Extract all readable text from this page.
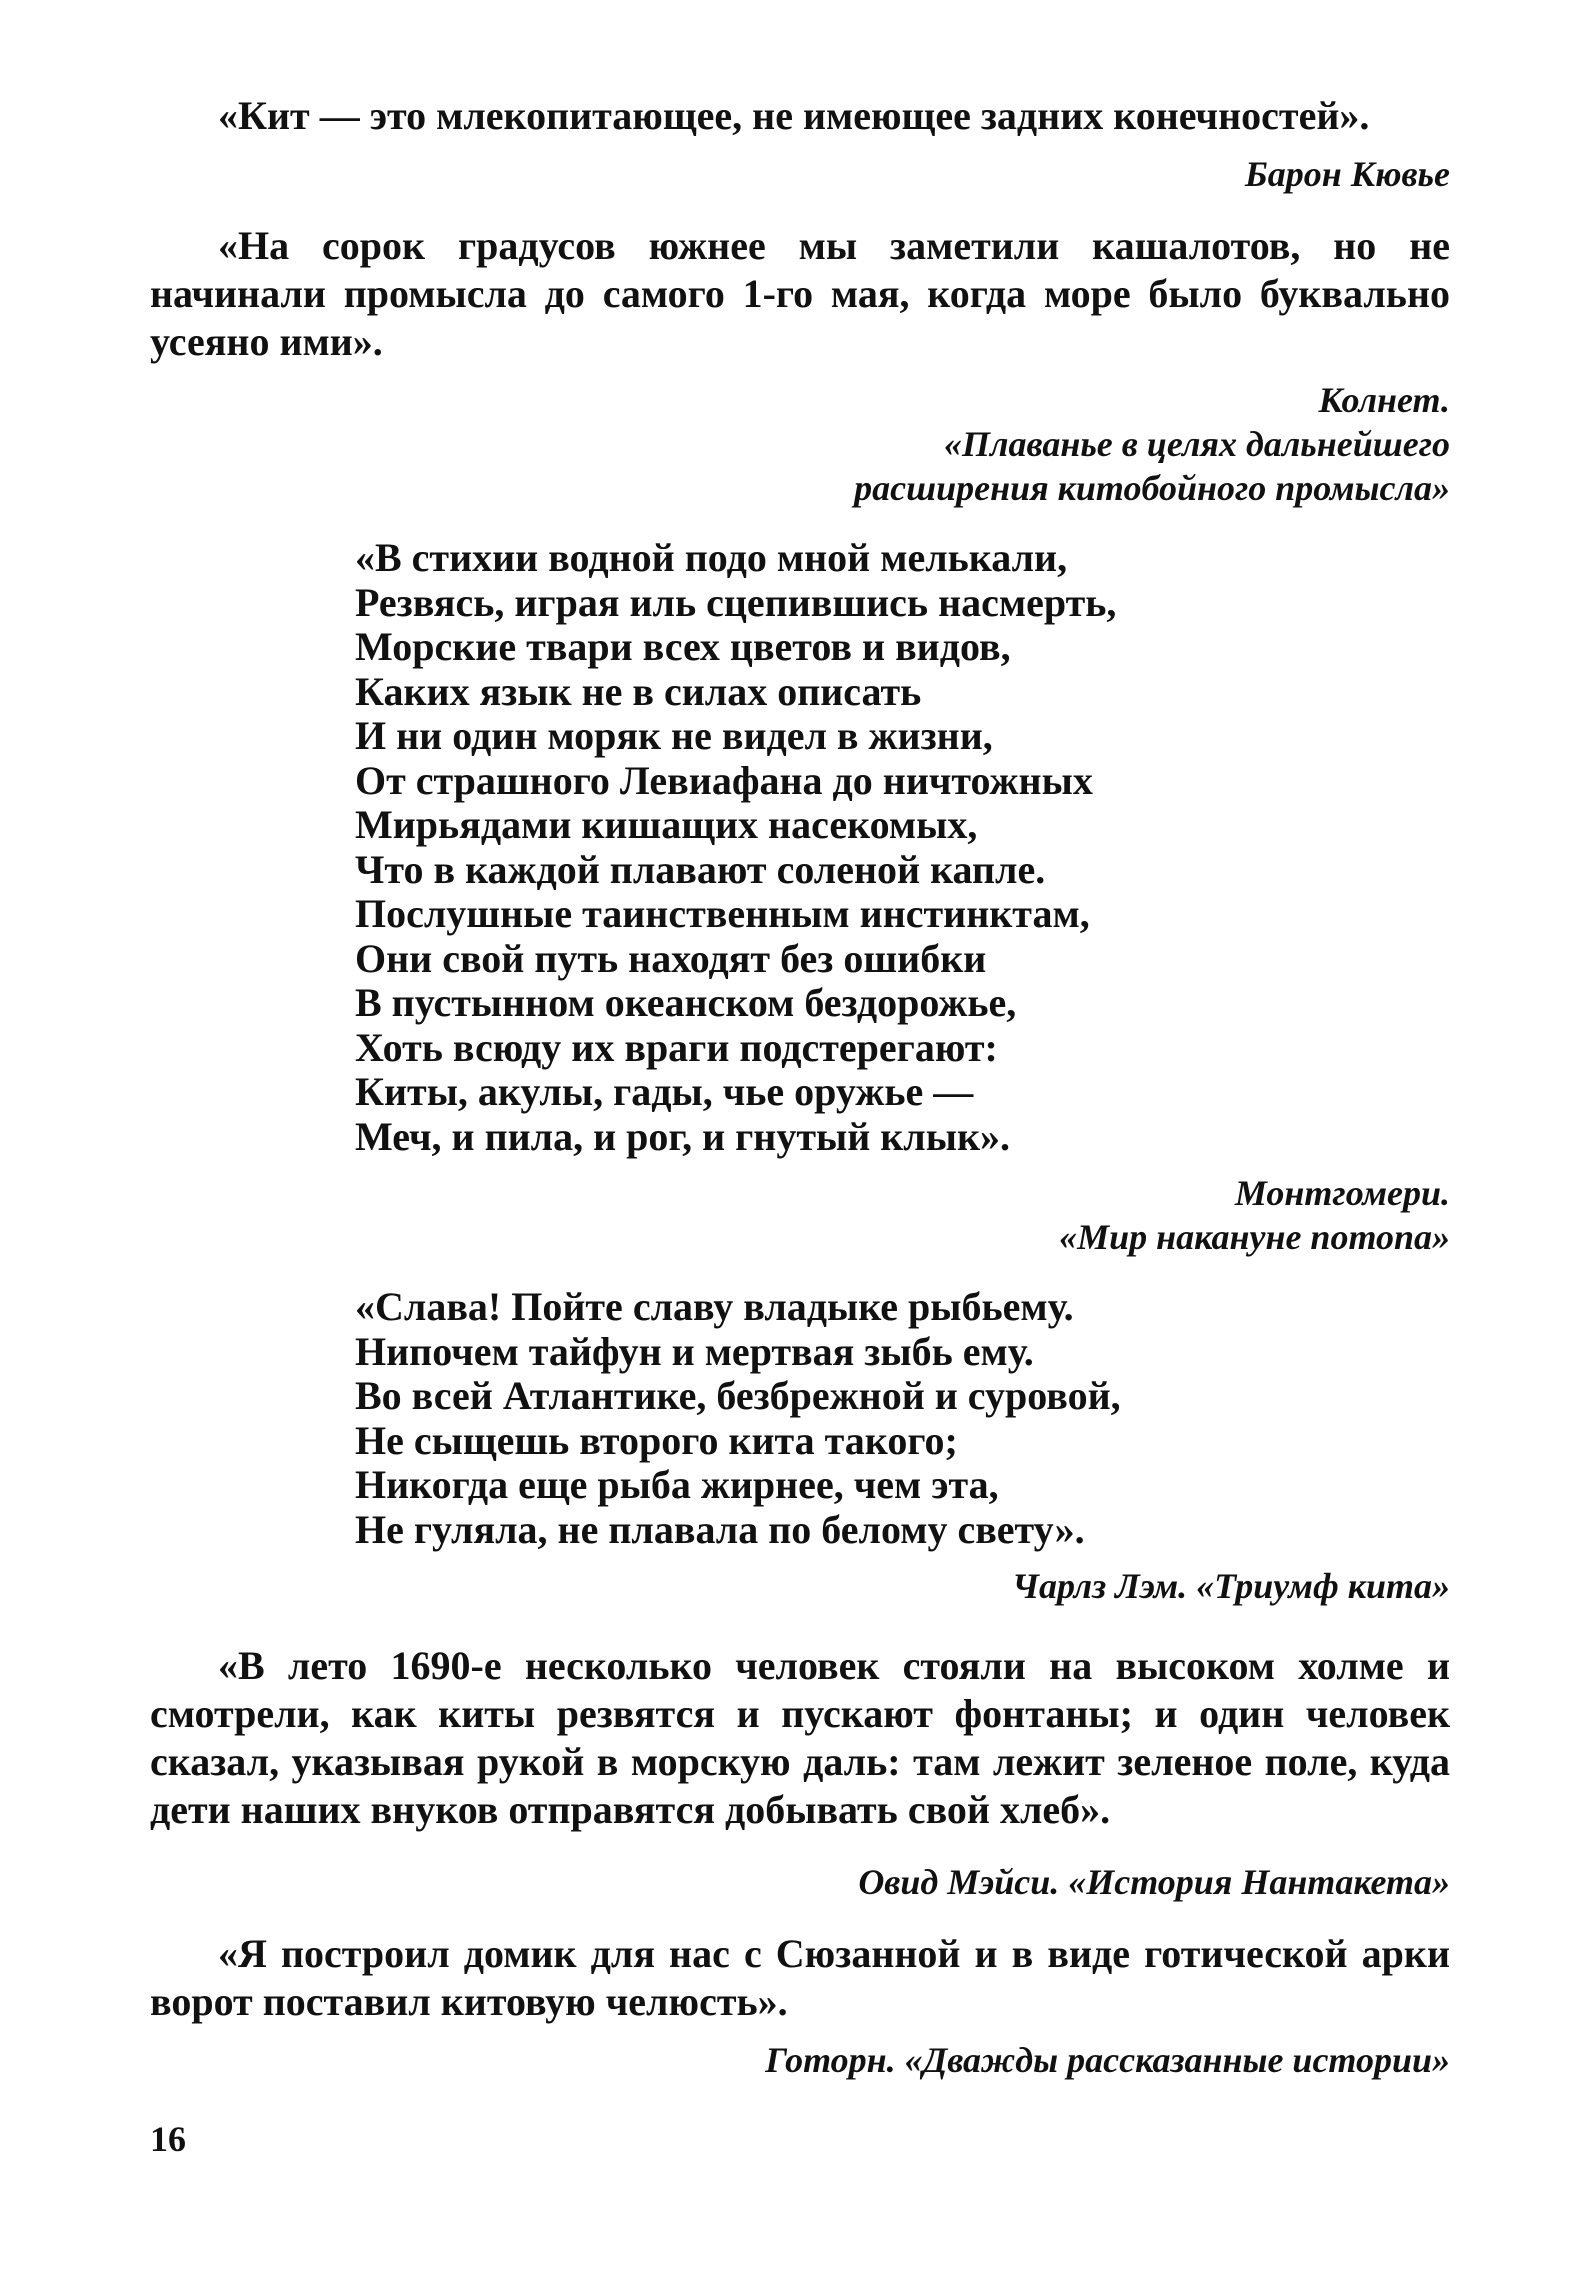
«Кит — это млекопитающее, не имеющее задних конечностей».

Барон Кювье

«На сорок градусов южнее мы заметили кашалотов, но не начинали промысла до самого 1-го мая, когда море было буквально усеяно ими».

Колнет.

«Плаванье в целях дальнейшего

расширения китобойного промысла»

«В стихии водной подо мной мелькали,
Резвясь, играя иль сцепившись насмерть,
Морские твари всех цветов и видов,
Каких язык не в силах описать
И ни один моряк не видел в жизни,
От страшного Левиафана до ничтожных
Мирьядами кишащих насекомых,
Что в каждой плавают соленой капле.
Послушные таинственным инстинктам,
Они свой путь находят без ошибки
В пустынном океанском бездорожье,
Хоть всюду их враги подстерегают:
Киты, акулы, гады, чье оружье —
Меч, и пила, и рог, и гнутый клык».

Монтгомери.

«Мир накануне потопа»

«Слава! Пойте славу владыке рыбьему.
Нипочем тайфун и мертвая зыбь ему.
Во всей Атлантике, безбрежной и суровой,
Не сыщешь второго кита такого;
Никогда еще рыба жирнее, чем эта,
Не гуляла, не плавала по белому свету».

Чарлз Лэм. «Триумф кита»

«В лето 1690-е несколько человек стояли на высоком холме и смотрели, как киты резвятся и пускают фонтаны; и один человек сказал, указывая рукой в морскую даль: там лежит зеленое поле, куда дети наших внуков отправятся добывать свой хлеб».

Овид Мэйси. «История Нантакета»

«Я построил домик для нас с Сюзанной и в виде готической арки ворот поставил китовую челюсть».

Готорн. «Дважды рассказанные истории»

16
